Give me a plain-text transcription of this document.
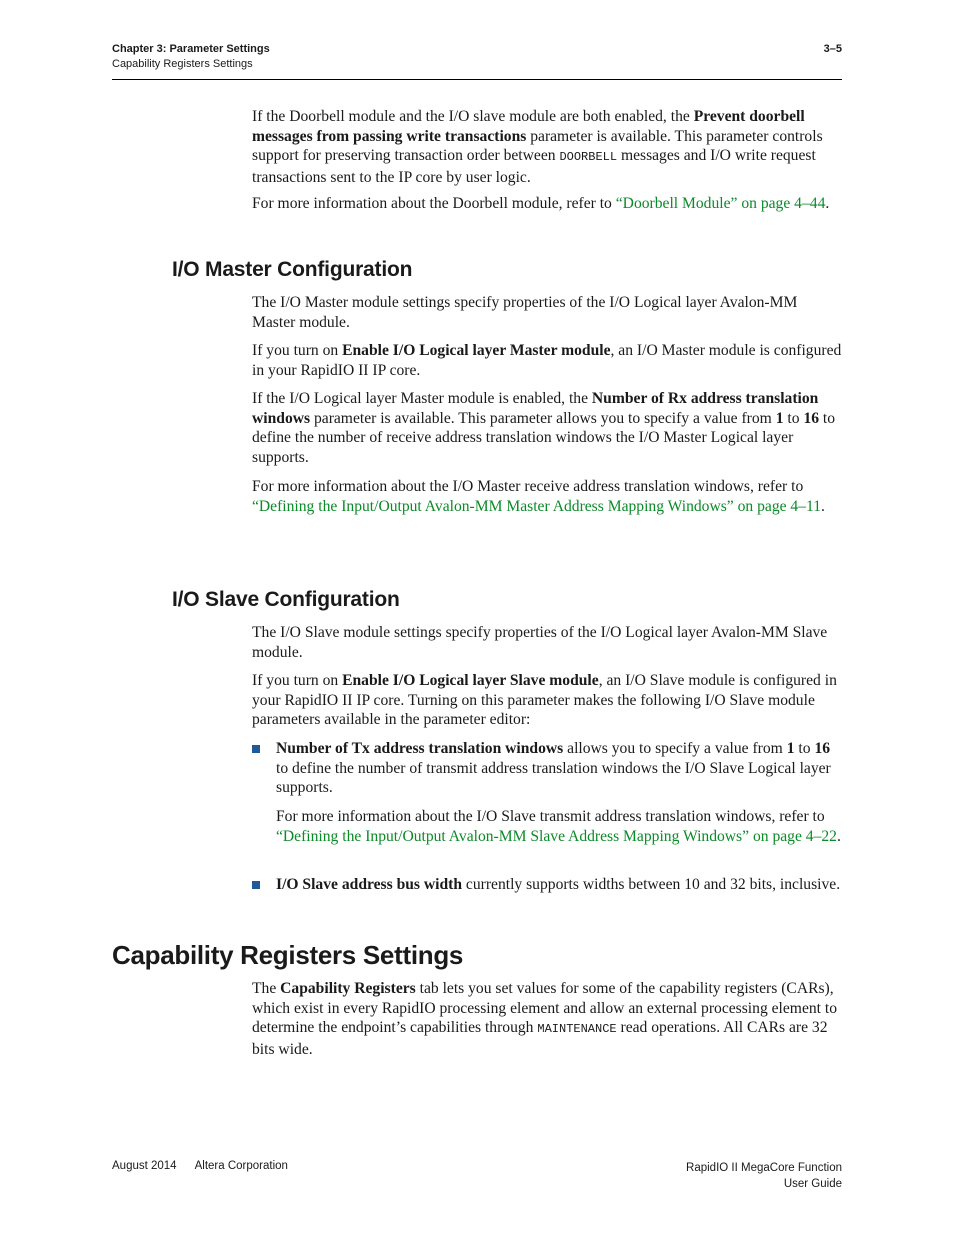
Chapter 3: Parameter Settings
Capability Registers Settings
3–5

If the Doorbell module and the I/O slave module are both enabled, the Prevent doorbell messages from passing write transactions parameter is available. This parameter controls support for preserving transaction order between DOORBELL messages and I/O write request transactions sent to the IP core by user logic.

For more information about the Doorbell module, refer to “Doorbell Module” on page 4–44.

I/O Master Configuration

The I/O Master module settings specify properties of the I/O Logical layer Avalon-MM Master module.

If you turn on Enable I/O Logical layer Master module, an I/O Master module is configured in your RapidIO II IP core.

If the I/O Logical layer Master module is enabled, the Number of Rx address translation windows parameter is available. This parameter allows you to specify a value from 1 to 16 to define the number of receive address translation windows the I/O Master Logical layer supports.

For more information about the I/O Master receive address translation windows, refer to “Defining the Input/Output Avalon-MM Master Address Mapping Windows” on page 4–11.

I/O Slave Configuration

The I/O Slave module settings specify properties of the I/O Logical layer Avalon-MM Slave module.

If you turn on Enable I/O Logical layer Slave module, an I/O Slave module is configured in your RapidIO II IP core. Turning on this parameter makes the following I/O Slave module parameters available in the parameter editor:

Number of Tx address translation windows allows you to specify a value from 1 to 16 to define the number of transmit address translation windows the I/O Slave Logical layer supports.

For more information about the I/O Slave transmit address translation windows, refer to “Defining the Input/Output Avalon-MM Slave Address Mapping Windows” on page 4–22.

I/O Slave address bus width currently supports widths between 10 and 32 bits, inclusive.

Capability Registers Settings

The Capability Registers tab lets you set values for some of the capability registers (CARs), which exist in every RapidIO processing element and allow an external processing element to determine the endpoint’s capabilities through MAINTENANCE read operations. All CARs are 32 bits wide.

August 2014 Altera Corporation	RapidIO II MegaCore Function
User Guide
